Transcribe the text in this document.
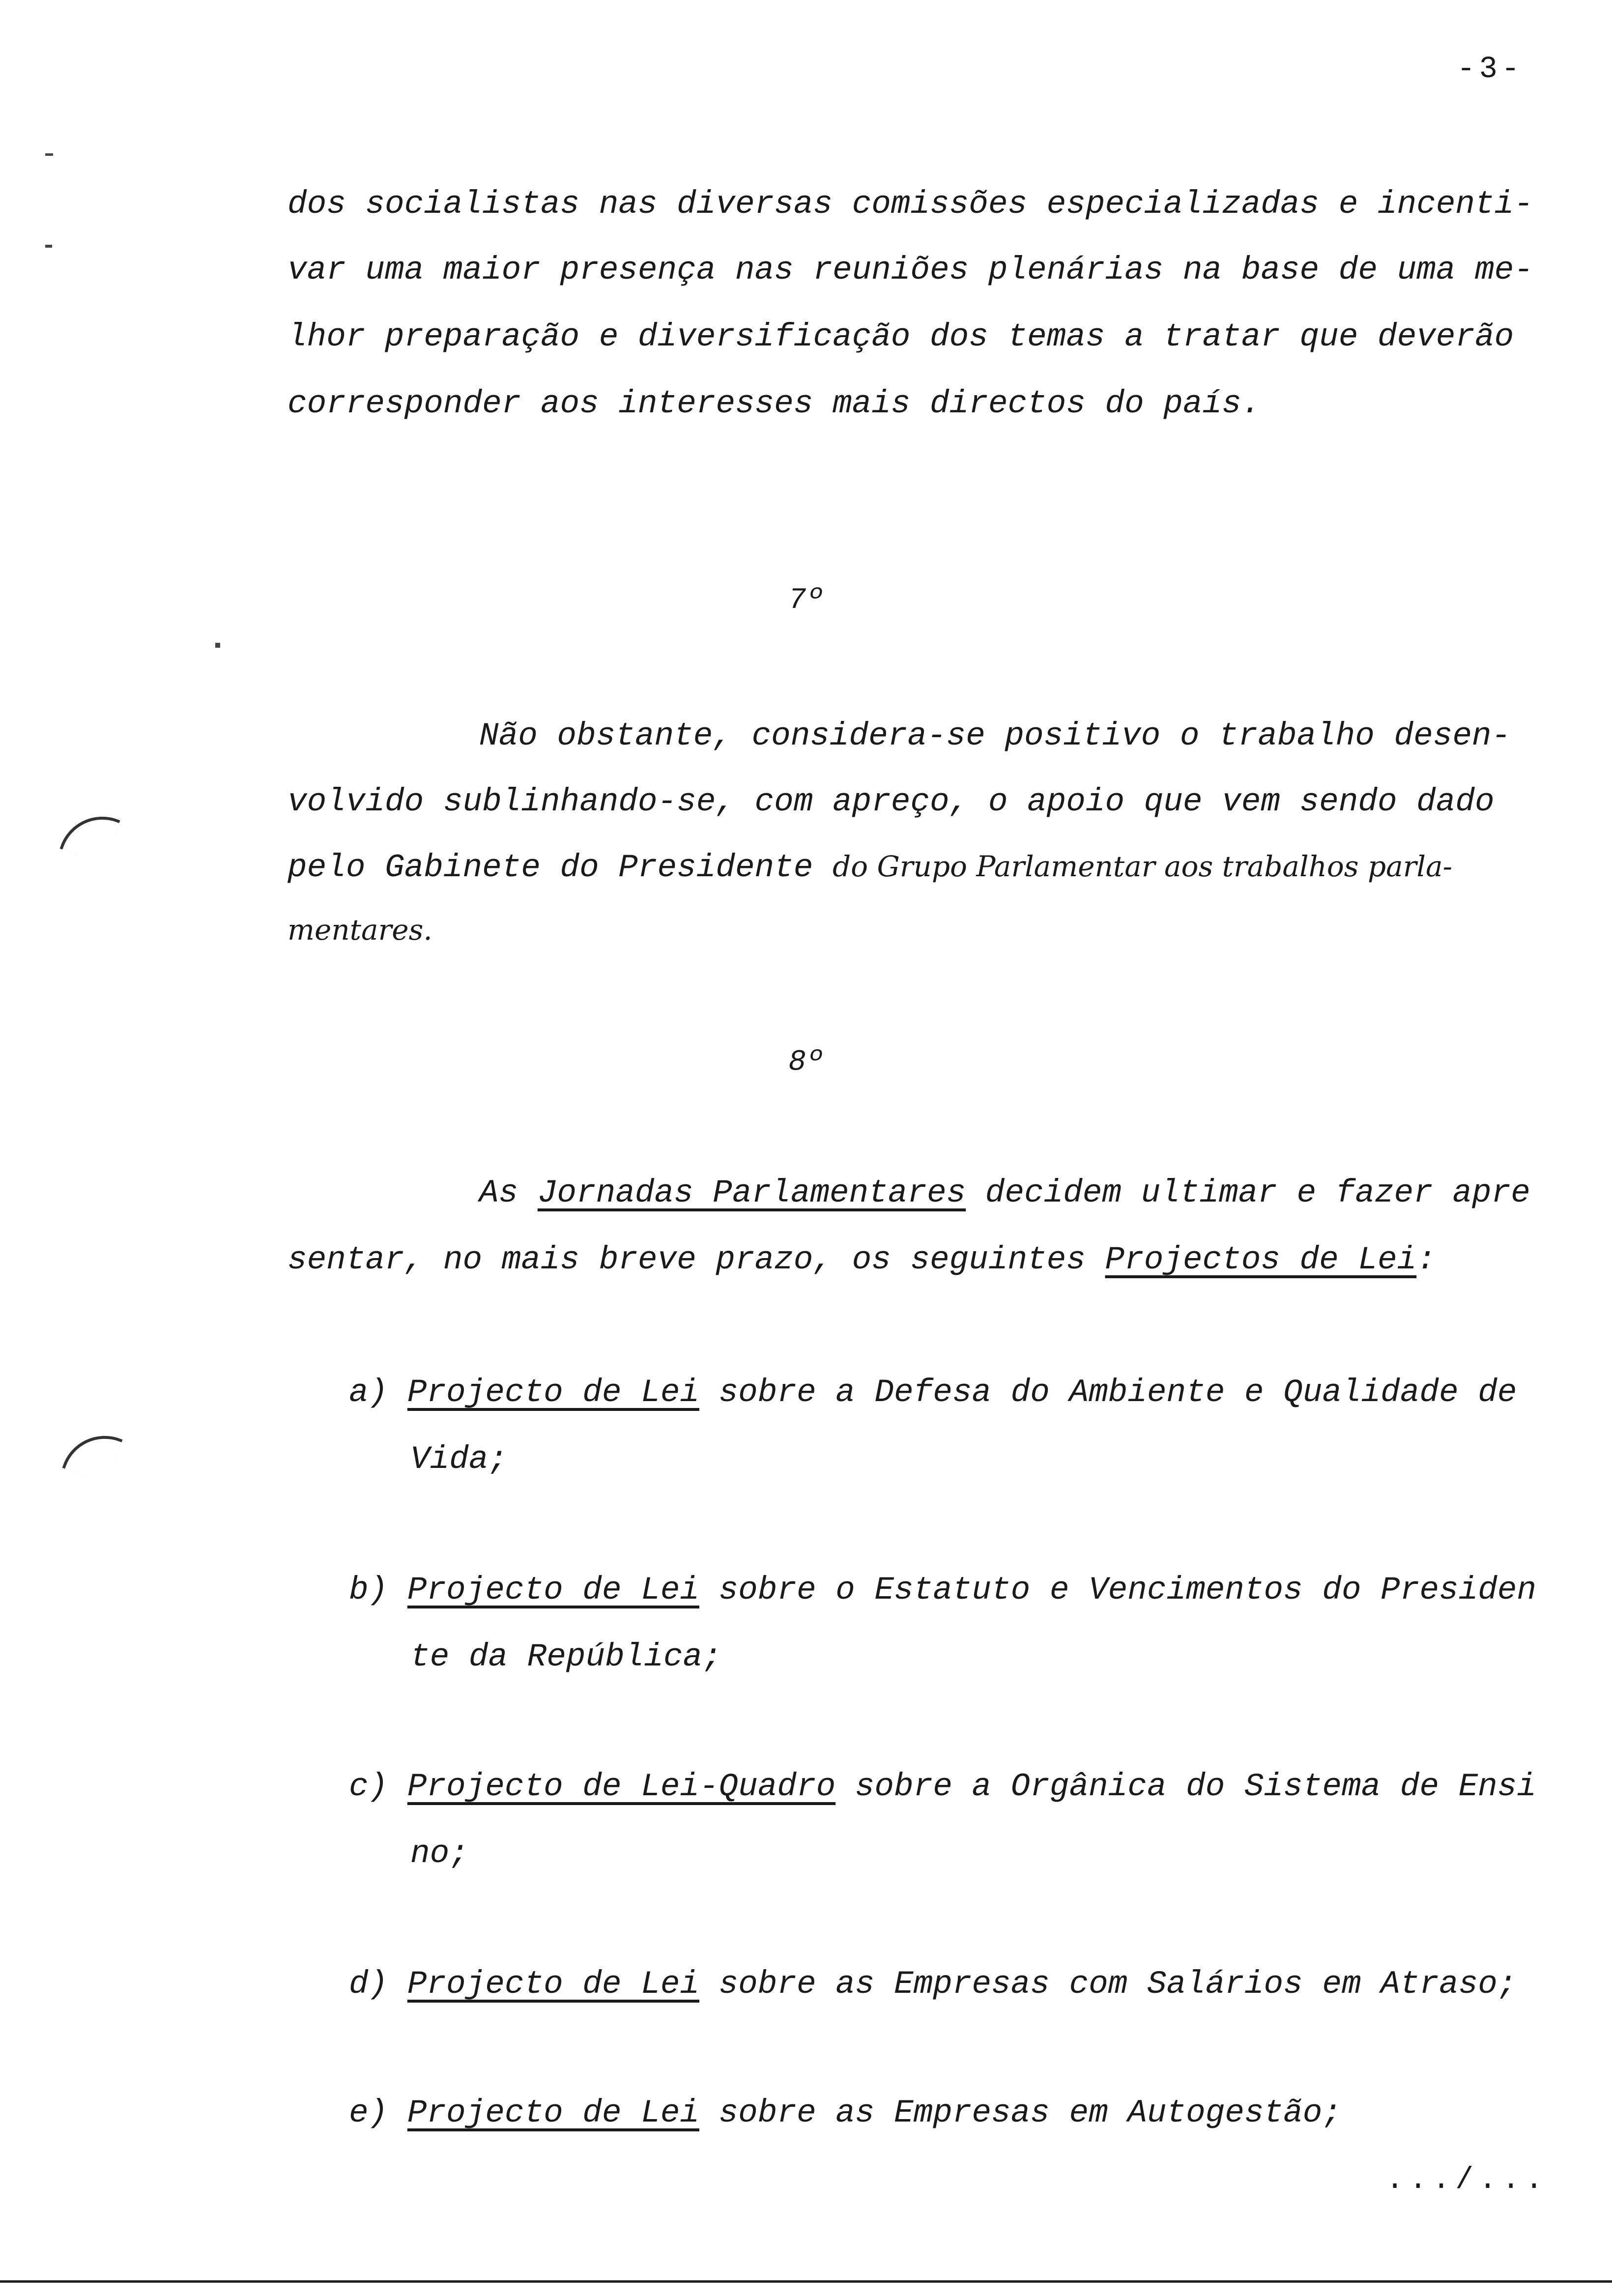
-3-
dos socialistas nas diversas comissões especializadas e incenti-
var uma maior presença nas reuniões plenárias na base de uma me-
lhor preparação e diversificação dos temas a tratar que deverão
corresponder aos interesses mais directos do país.
7º
Não obstante, considera-se positivo o trabalho desen-
volvido sublinhando-se, com apreço, o apoio que vem sendo dado
pelo Gabinete do Presidente do Grupo Parlamentar aos trabalhos parla-
mentares.
8º
As Jornadas Parlamentares decidem ultimar e fazer apre
sentar, no mais breve prazo, os seguintes Projectos de Lei:
a) Projecto de Lei sobre a Defesa do Ambiente e Qualidade de
Vida;
b) Projecto de Lei sobre o Estatuto e Vencimentos do Presiden
te da República;
c) Projecto de Lei-Quadro sobre a Orgânica do Sistema de Ensi
no;
d) Projecto de Lei sobre as Empresas com Salários em Atraso;
e) Projecto de Lei sobre as Empresas em Autogestão;
.../...
